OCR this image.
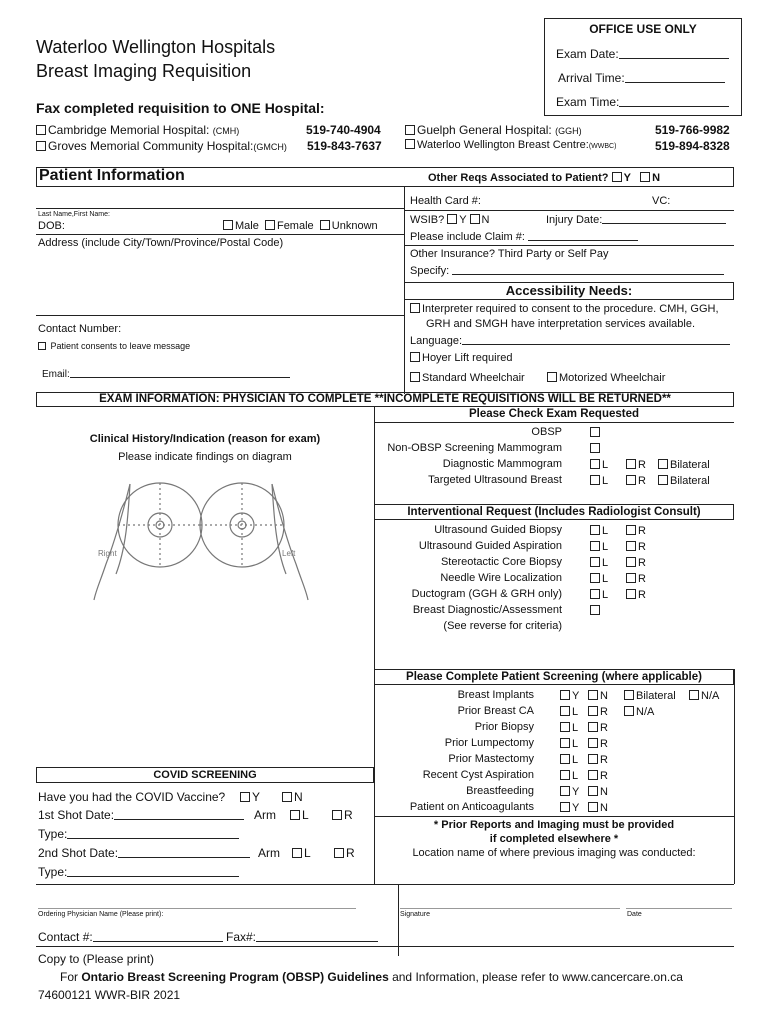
Waterloo Wellington Hospitals
Breast Imaging Requisition
Fax completed requisition to ONE Hospital:
OFFICE USE ONLY
Exam Date:
Arrival Time:
Exam Time:
Cambridge Memorial Hospital: (CMH)	519-740-4904
Groves Memorial Community Hospital:(GMCH) 519-843-7637
Guelph General Hospital: (GGH)	519-766-9982
Waterloo Wellington Breast Centre:(WWBC)	519-894-8328
Patient Information	Other Reqs Associated to Patient? Y N
Last Name,First Name:
DOB:	Male Female Unknown
Address (include City/Town/Province/Postal Code)
Contact Number:
Patient consents to leave message
Email:
Health Card #:	VC:
WSIB? Y N	Injury Date:
Please include Claim #:
Other Insurance? Third Party or Self Pay
Specify:
Accessibility Needs:
Interpreter required to consent to the procedure. CMH, GGH,
GRH and SMGH have interpretation services available.
Language:
Hoyer Lift required
Standard Wheelchair	Motorized Wheelchair
EXAM INFORMATION: PHYSICIAN TO COMPLETE **INCOMPLETE REQUISITIONS WILL BE RETURNED**
Please Check Exam Requested
OBSP
Non-OBSP Screening Mammogram
Diagnostic Mammogram	L	R	Bilateral
Targeted Ultrasound Breast	L	R	Bilateral
Clinical History/Indication (reason for exam)
Please indicate findings on diagram
Right	Left
Interventional Request (Includes Radiologist Consult)
Ultrasound Guided Biopsy	L	R
Ultrasound Guided Aspiration	L	R
Stereotactic Core Biopsy	L	R
Needle Wire Localization	L	R
Ductogram (GGH & GRH only)	L	R
Breast Diagnostic/Assessment
(See reverse for criteria)
Please Complete Patient Screening (where applicable)
Breast Implants	Y	N	Bilateral	N/A
Prior Breast CA	L	R	N/A
Prior Biopsy	L	R
Prior Lumpectomy	L	R
Prior Mastectomy	L	R
Recent Cyst Aspiration	L	R
Breastfeeding	Y	N
Patient on Anticoagulants	Y	N
* Prior Reports and Imaging must be provided
if completed elsewhere *
Location name of where previous imaging was conducted:
COVID SCREENING
Have you had the COVID Vaccine?	Y	N
1st Shot Date:	Arm	L	R
Type:
2nd Shot Date:	Arm	L	R
Type:
Ordering Physician Name (Please print):	Signature	Date
Contact #:	Fax#:
Copy to (Please print)
For Ontario Breast Screening Program (OBSP) Guidelines and Information, please refer to www.cancercare.on.ca
74600121 WWR-BIR 2021
